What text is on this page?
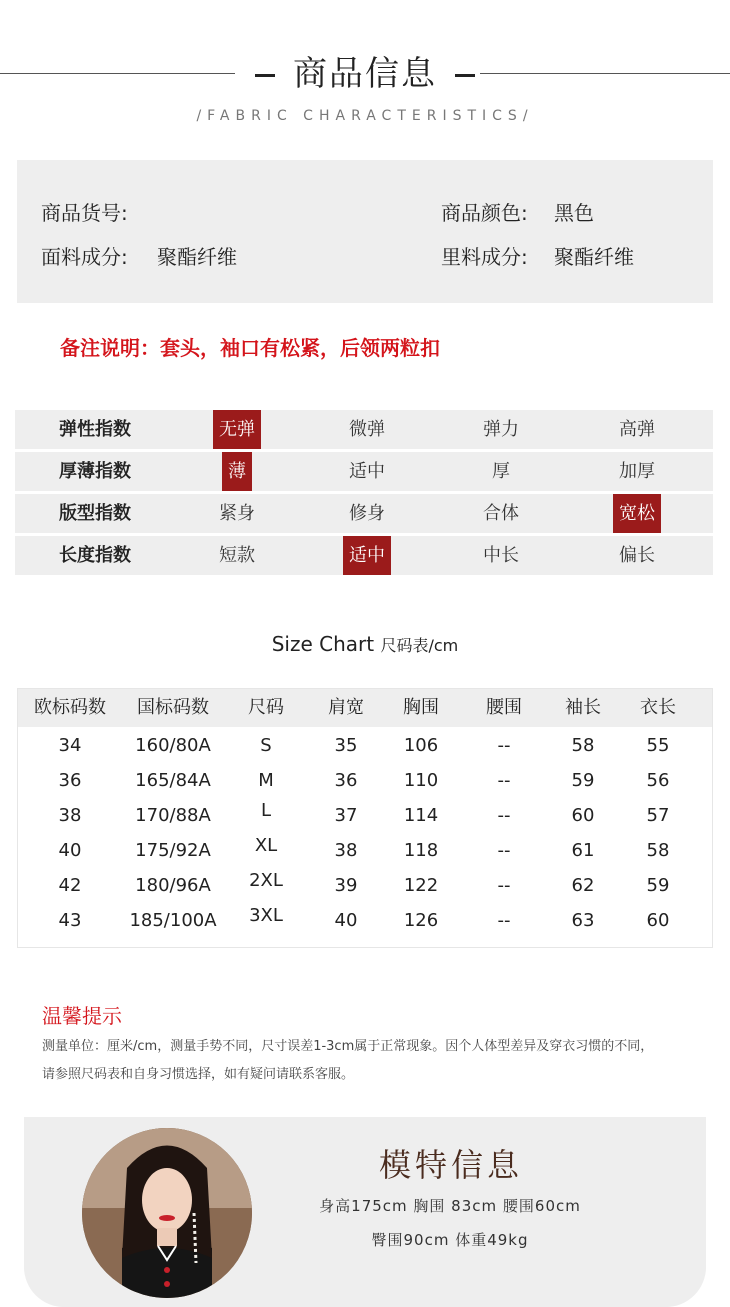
商品信息
/FABRIC CHARACTERISTICS/
商品货号:	商品颜色: 黑色
面料成分: 聚酯纤维	里料成分: 聚酯纤维
备注说明：套头，袖口有松紧，后领两粒扣
弹性指数	无弹	微弹	弹力	高弹
厚薄指数	薄	适中	厚	加厚
版型指数	紧身	修身	合体	宽松
长度指数	短款	适中	中长	偏长
Size Chart 尺码表/cm
欧标码数	国标码数	尺码	肩宽	胸围	腰围	袖长	衣长
34	160/80A	S	35	106	--	58	55
36	165/84A	M	36	110	--	59	56
38	170/88A	L	37	114	--	60	57
40	175/92A	XL	38	118	--	61	58
42	180/96A	2XL	39	122	--	62	59
43	185/100A	3XL	40	126	--	63	60
温馨提示
测量单位：厘米/cm，测量手势不同，尺寸误差1-3cm属于正常现象。因个人体型差异及穿衣习惯的不同，
请参照尺码表和自身习惯选择，如有疑问请联系客服。
模特信息
身高175cm 胸围 83cm 腰围60cm
臀围90cm 体重49kg
